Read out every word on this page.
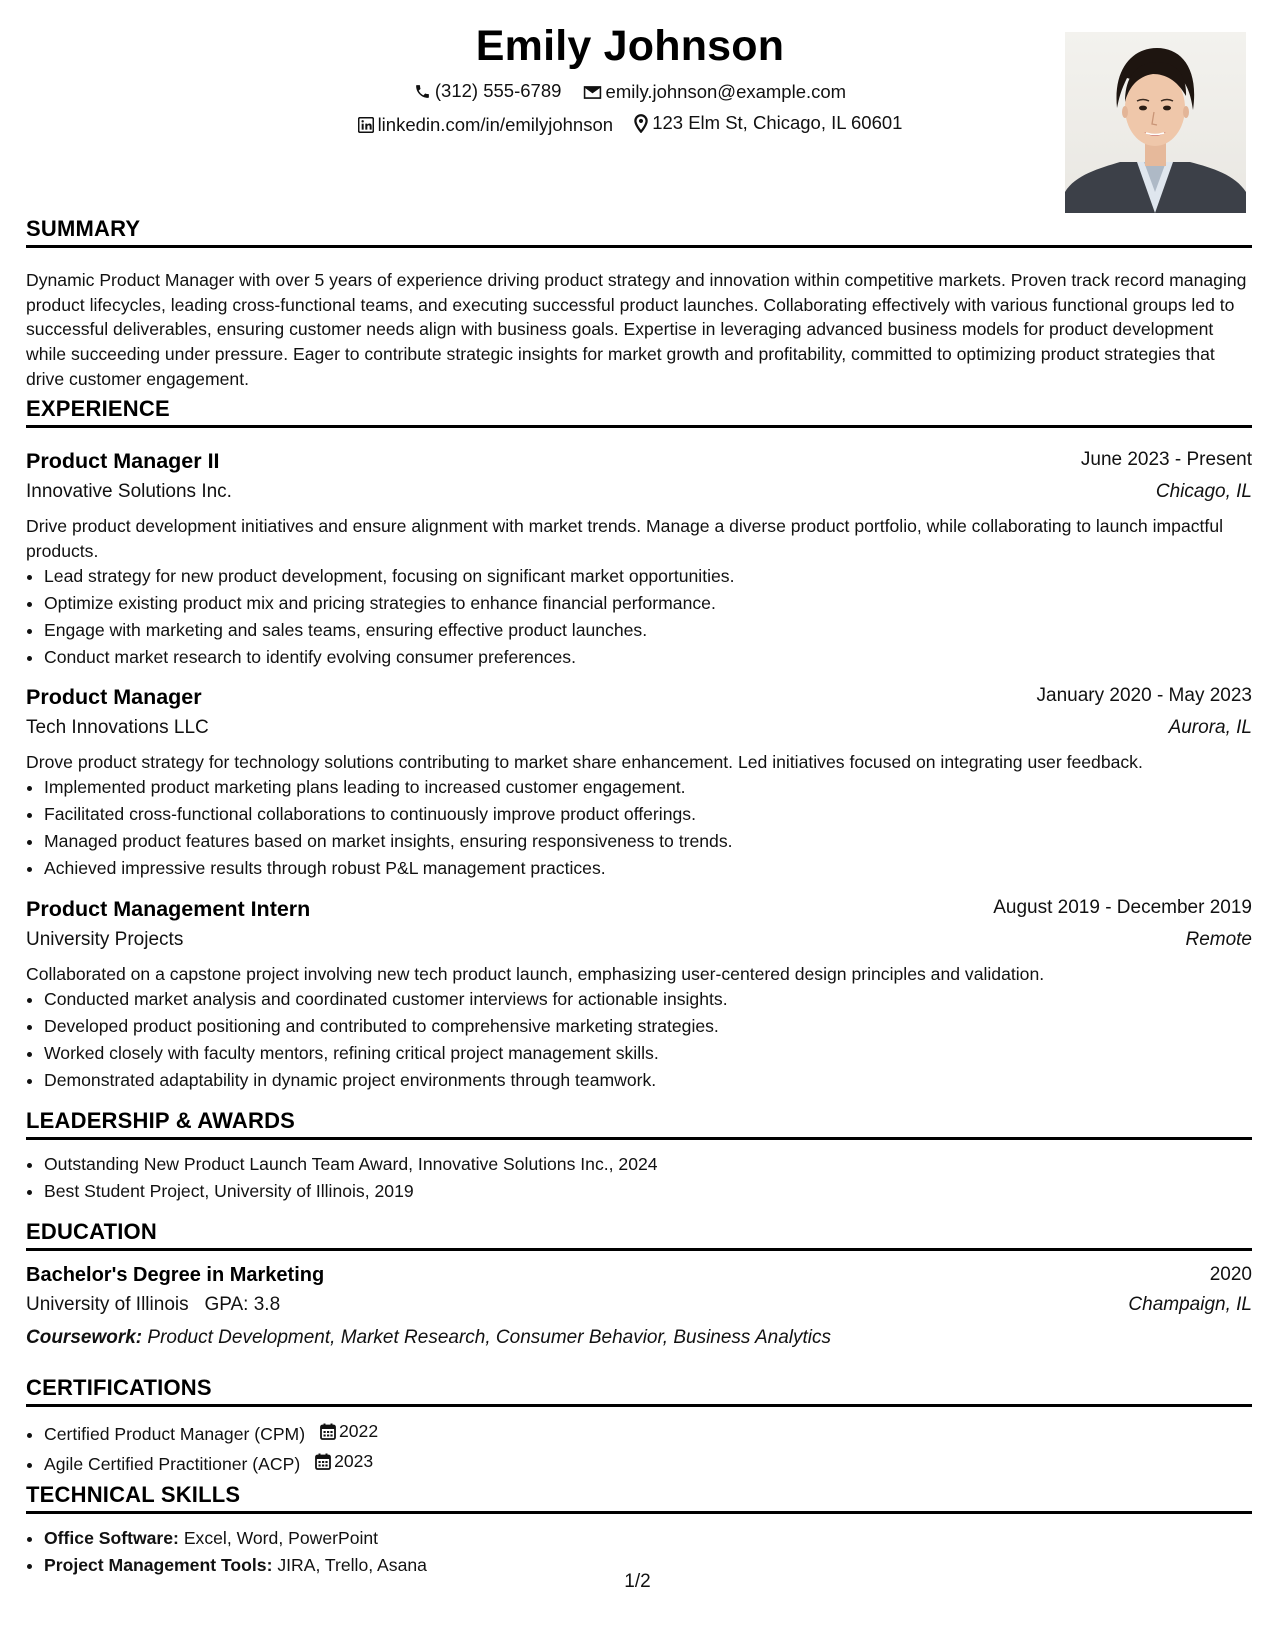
Emily Johnson
(312) 555-6789
emily.johnson@example.com
linkedin.com/in/emilyjohnson
123 Elm St, Chicago, IL 60601
SUMMARY
Dynamic Product Manager with over 5 years of experience driving product strategy and innovation within competitive markets. Proven track record managing product lifecycles, leading cross-functional teams, and executing successful product launches. Collaborating effectively with various functional groups led to successful deliverables, ensuring customer needs align with business goals. Expertise in leveraging advanced business models for product development while succeeding under pressure. Eager to contribute strategic insights for market growth and profitability, committed to optimizing product strategies that drive customer engagement.
EXPERIENCE
Product Manager II	June 2023 - Present
Innovative Solutions Inc.	Chicago, IL
Drive product development initiatives and ensure alignment with market trends. Manage a diverse product portfolio, while collaborating to launch impactful products.
• Lead strategy for new product development, focusing on significant market opportunities.
• Optimize existing product mix and pricing strategies to enhance financial performance.
• Engage with marketing and sales teams, ensuring effective product launches.
• Conduct market research to identify evolving consumer preferences.
Product Manager	January 2020 - May 2023
Tech Innovations LLC	Aurora, IL
Drove product strategy for technology solutions contributing to market share enhancement. Led initiatives focused on integrating user feedback.
• Implemented product marketing plans leading to increased customer engagement.
• Facilitated cross-functional collaborations to continuously improve product offerings.
• Managed product features based on market insights, ensuring responsiveness to trends.
• Achieved impressive results through robust P&L management practices.
Product Management Intern	August 2019 - December 2019
University Projects	Remote
Collaborated on a capstone project involving new tech product launch, emphasizing user-centered design principles and validation.
• Conducted market analysis and coordinated customer interviews for actionable insights.
• Developed product positioning and contributed to comprehensive marketing strategies.
• Worked closely with faculty mentors, refining critical project management skills.
• Demonstrated adaptability in dynamic project environments through teamwork.
LEADERSHIP & AWARDS
• Outstanding New Product Launch Team Award, Innovative Solutions Inc., 2024
• Best Student Project, University of Illinois, 2019
EDUCATION
Bachelor's Degree in Marketing	2020
University of Illinois GPA: 3.8	Champaign, IL
Coursework: Product Development, Market Research, Consumer Behavior, Business Analytics
CERTIFICATIONS
• Certified Product Manager (CPM) 2022
• Agile Certified Practitioner (ACP) 2023
TECHNICAL SKILLS
• Office Software: Excel, Word, PowerPoint
• Project Management Tools: JIRA, Trello, Asana
1/2
